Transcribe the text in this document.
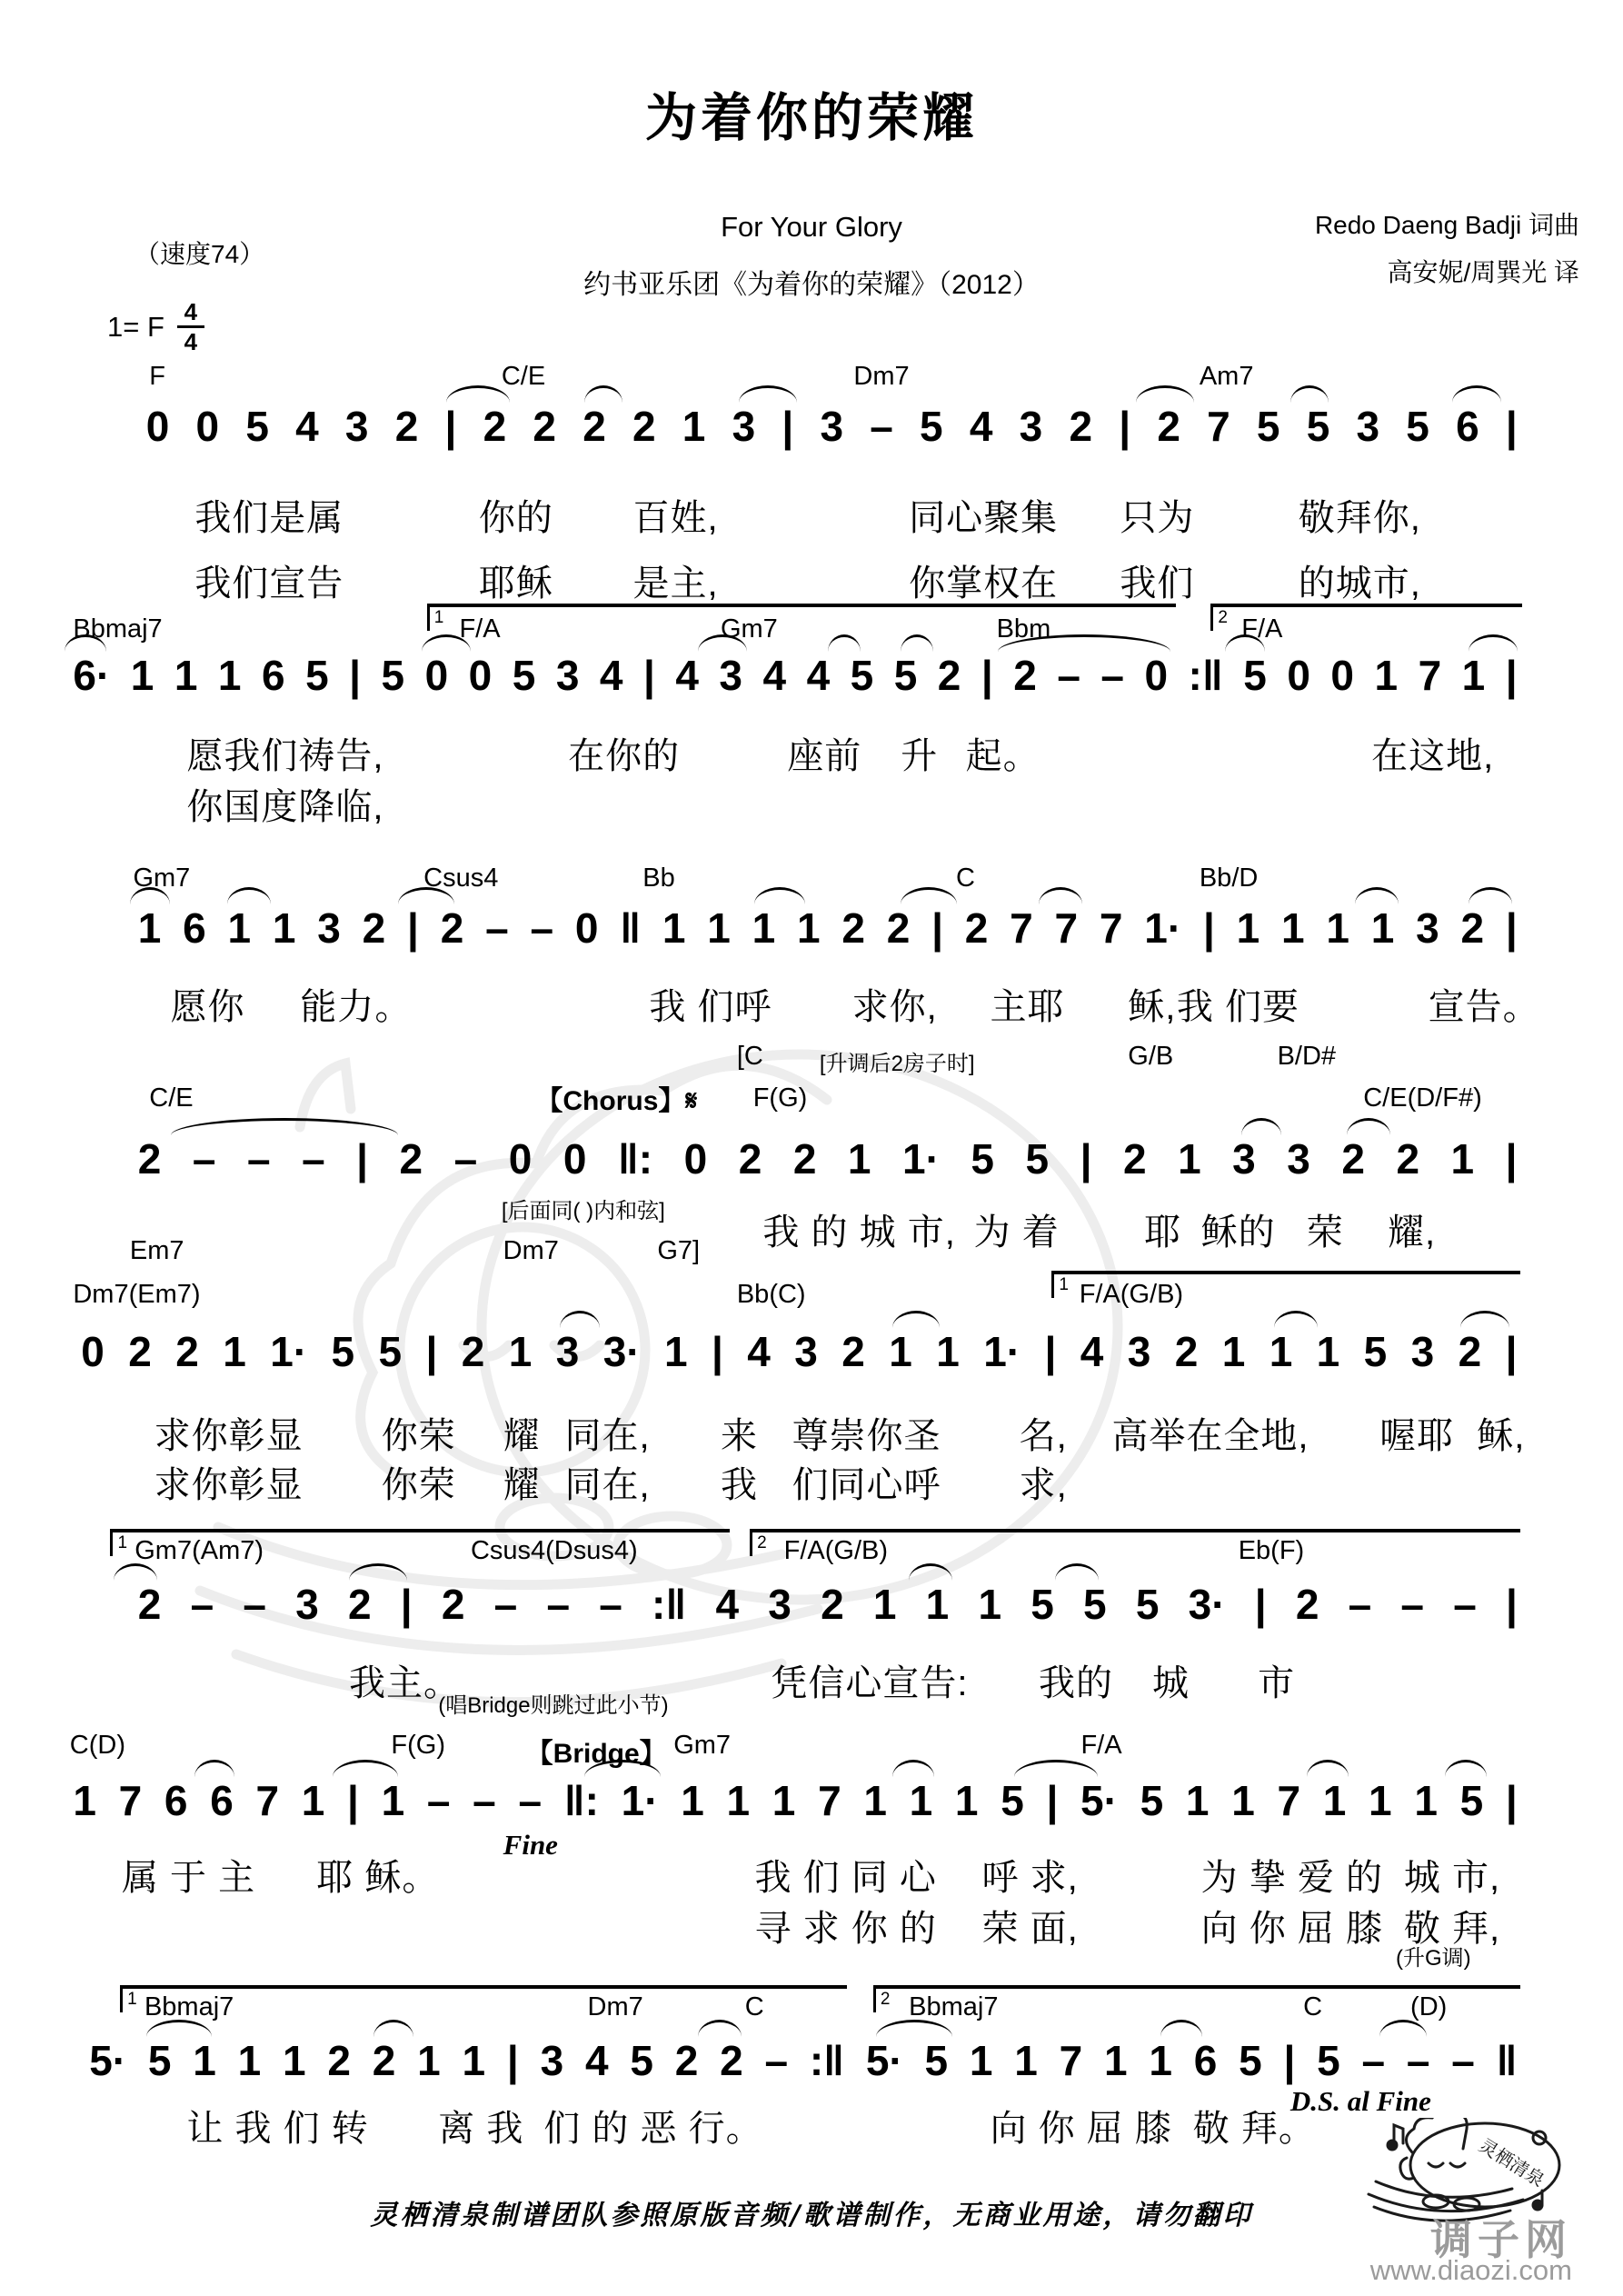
为着你的荣耀
For Your Glory
约书亚乐团《为着你的荣耀》（2012）
Redo Daeng Badji 词曲
高安妮/周巽光 译
（速度74）
1= F 4
4
F	C/E	Dm7	Am7
0 0 5 4 3 2 | 2 2 2 2 1 3 | 3 – 5 4 3 2 | 2 7 5 5 3 5 6 |
我们是属	你的 百姓,	同心聚集 只为	敬拜你,
我们宣告	耶稣 是主,	你掌权在 我们	的城市,
1	2
Bbmaj7	F/A	Gm7	Bbm	F/A
6· 1 1 1 6 5 | 5 0 0 5 3 4 | 4 3 4 4 5 5 2 | 2 – – 0 :‖ 5 0 0 1 7 1 |
愿我们祷告,	在你的	座前 升 起。	在这地,
你国度降临,
Gm7	Csus4	Bb	C	Bb/D
1 6 1 1 3 2 | 2 – – 0 ‖ 1 1 1 1 2 2 | 2 7 7 7 1· | 1 1 1 1 3 2 |
愿你 能力。	我 们呼 求你, 主耶 稣, 我 们要	宣告。
C/E	F(G)	C/E(D/F#)
2 – – – | 2 – 0 0 ‖: 0 2 2 1 1· 5 5 | 2 1 3 3 2 2 1 |
我 的 城 市, 为 着 耶 稣的 荣 耀,
【Chorus】𝄋
[C	[升调后2房子时]	G/B	B/D#
[后面同( )内和弦]
Em7	Dm7	G7]
1
Dm7(Em7)	Bb(C)	F/A(G/B)
0 2 2 1 1· 5 5 | 2 1 3 3· 1 | 4 3 2 1 1 1· | 4 3 2 1 1 1 5 3 2 |
求你彰显 你荣 耀 同在, 来 尊崇你圣 名, 高举在全地, 喔耶 稣,
求你彰显 你荣 耀 同在, 我 们同心呼 求,
1	2
Gm7(Am7)	Csus4(Dsus4)	F/A(G/B)	Eb(F)
2 – – 3 2 | 2 – – – :‖ 4 3 2 1 1 1 5 5 5 3· | 2 – – – |
我主。	凭信心宣告: 我的 城 市
(唱Bridge则跳过此小节)
C(D)	F(G)	【Bridge】 Gm7	F/A
1 7 6 6 7 1 | 1 – – – ‖: 1· 1 1 1 7 1 1 1 5 | 5· 5 1 1 7 1 1 1 5 |
属 于 主 耶 稣。	我 们 同 心 呼 求,	为 挚 爱 的 城 市,
寻 求 你 的 荣 面,	向 你 屈 膝 敬 拜,
Fine
(升G调)
1	2
Bbmaj7	Dm7	C	Bbmaj7	C	(D)
5· 5 1 1 1 2 2 1 1 | 3 4 5 2 2 – :‖ 5· 5 1 1 7 1 1 6 5 | 5 – – – ‖
让 我 们 转 离 我 们 的 恶 行。	向 你 屈 膝 敬 拜。
D.S. al Fine
灵栖清泉制谱团队参照原版音频/歌谱制作，无商业用途，请勿翻印
灵栖清泉
调子网
www.diaozi.com
